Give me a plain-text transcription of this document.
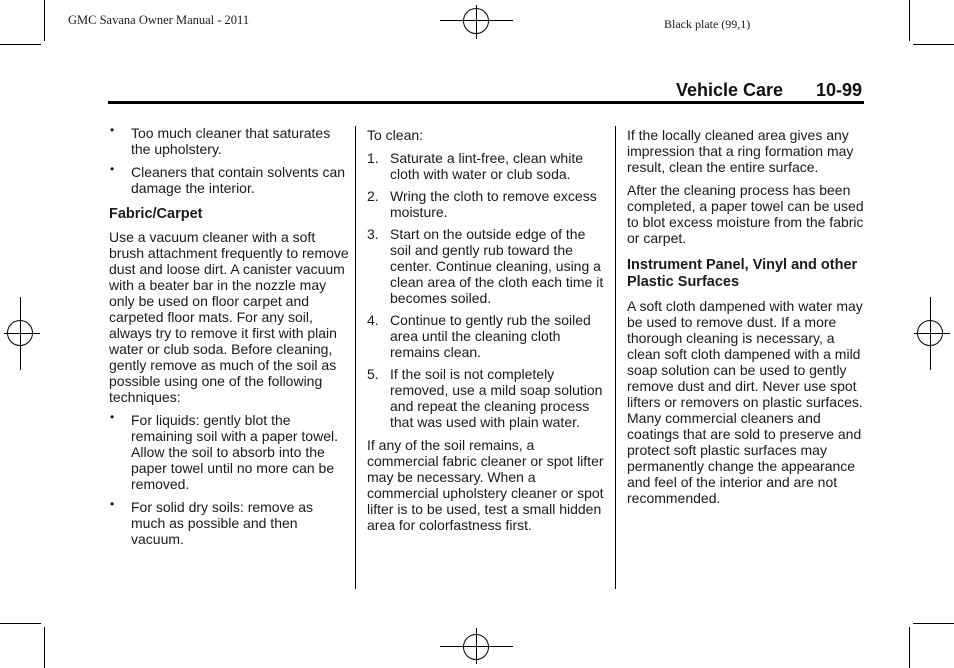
GMC Savana Owner Manual - 2011	Black plate (99,1)
Vehicle Care 10-99
• Too much cleaner that saturates the upholstery.
• Cleaners that contain solvents can damage the interior.
Fabric/Carpet

Use a vacuum cleaner with a soft brush attachment frequently to remove dust and loose dirt. A canister vacuum with a beater bar in the nozzle may only be used on floor carpet and carpeted floor mats. For any soil, always try to remove it first with plain water or club soda. Before cleaning, gently remove as much of the soil as possible using one of the following techniques:

• For liquids: gently blot the remaining soil with a paper towel. Allow the soil to absorb into the paper towel until no more can be removed.
• For solid dry soils: remove as much as possible and then vacuum.

To clean:

1. Saturate a lint-free, clean white cloth with water or club soda.
2. Wring the cloth to remove excess moisture.
3. Start on the outside edge of the soil and gently rub toward the center. Continue cleaning, using a clean area of the cloth each time it becomes soiled.
4. Continue to gently rub the soiled area until the cleaning cloth remains clean.
5. If the soil is not completely removed, use a mild soap solution and repeat the cleaning process that was used with plain water.

If any of the soil remains, a commercial fabric cleaner or spot lifter may be necessary. When a commercial upholstery cleaner or spot lifter is to be used, test a small hidden area for colorfastness first.

If the locally cleaned area gives any impression that a ring formation may result, clean the entire surface.

After the cleaning process has been completed, a paper towel can be used to blot excess moisture from the fabric or carpet.

Instrument Panel, Vinyl and other Plastic Surfaces

A soft cloth dampened with water may be used to remove dust. If a more thorough cleaning is necessary, a clean soft cloth dampened with a mild soap solution can be used to gently remove dust and dirt. Never use spot lifters or removers on plastic surfaces. Many commercial cleaners and coatings that are sold to preserve and protect soft plastic surfaces may permanently change the appearance and feel of the interior and are not recommended.
